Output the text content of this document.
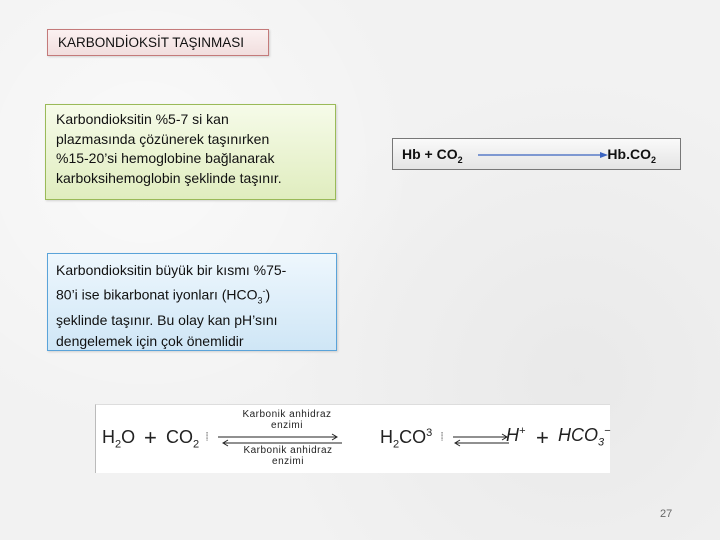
KARBONDİOKSİT TAŞINMASI
Karbondioksitin %5-7 si kan
plazmasında çözünerek taşınırken
%15-20’si hemoglobine bağlanarak
karboksihemoglobin şeklinde taşınır.
$Hb + CO_2$	$Hb.CO_2$
Karbondioksitin büyük bir kısmı %75-
80’i ise bikarbonat iyonları $(HCO_3^-)$
şeklinde taşınır. Bu olay kan pH’sını
dengelemek için çok önemlidir
$H_2O + CO_2$
⸽
Karbonik anhidraz
enzimi
Karbonik anhidraz
enzimi
$H_2CO^3$ ⸽	$H^+ + HCO_3^-$
27
